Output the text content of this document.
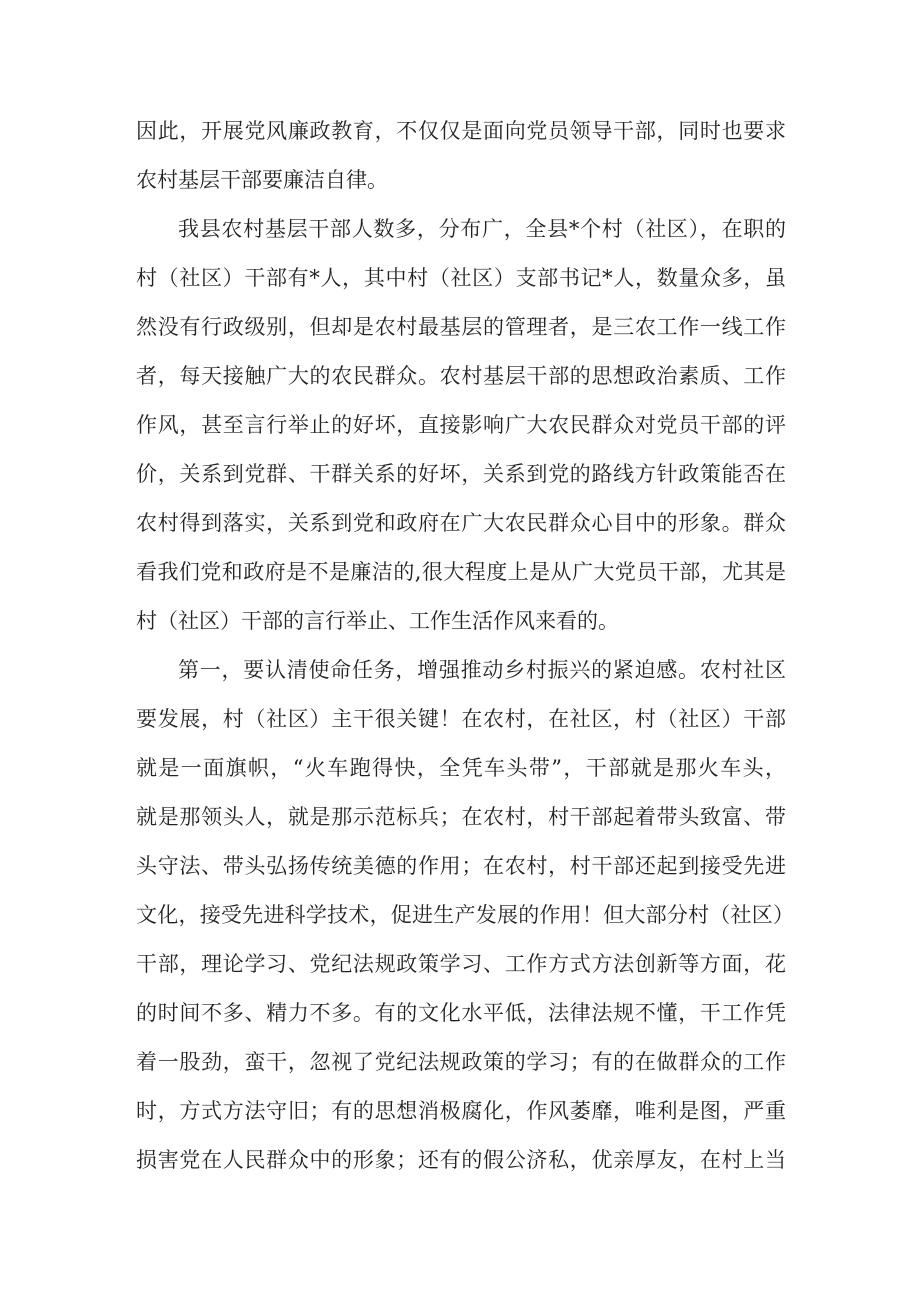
因此，开展党风廉政教育，不仅仅是面向党员领导干部，同时也要求
农村基层干部要廉洁自律。
我县农村基层干部人数多，分布广，全县*个村（社区），在职的
村（社区）干部有*人，其中村（社区）支部书记*人，数量众多，虽
然没有行政级别，但却是农村最基层的管理者，是三农工作一线工作
者，每天接触广大的农民群众。农村基层干部的思想政治素质、工作
作风，甚至言行举止的好坏，直接影响广大农民群众对党员干部的评
价，关系到党群、干群关系的好坏，关系到党的路线方针政策能否在
农村得到落实，关系到党和政府在广大农民群众心目中的形象。群众
看我们党和政府是不是廉洁的,很大程度上是从广大党员干部，尤其是
村（社区）干部的言行举止、工作生活作风来看的。
第一，要认清使命任务，增强推动乡村振兴的紧迫感。农村社区
要发展，村（社区）主干很关键！在农村，在社区，村（社区）干部
就是一面旗帜，“火车跑得快，全凭车头带”，干部就是那火车头，
就是那领头人，就是那示范标兵；在农村，村干部起着带头致富、带
头守法、带头弘扬传统美德的作用；在农村，村干部还起到接受先进
文化，接受先进科学技术，促进生产发展的作用！但大部分村（社区）
干部，理论学习、党纪法规政策学习、工作方式方法创新等方面，花
的时间不多、精力不多。有的文化水平低，法律法规不懂，干工作凭
着一股劲，蛮干，忽视了党纪法规政策的学习；有的在做群众的工作
时，方式方法守旧；有的思想消极腐化，作风萎靡，唯利是图，严重
损害党在人民群众中的形象；还有的假公济私，优亲厚友，在村上当
